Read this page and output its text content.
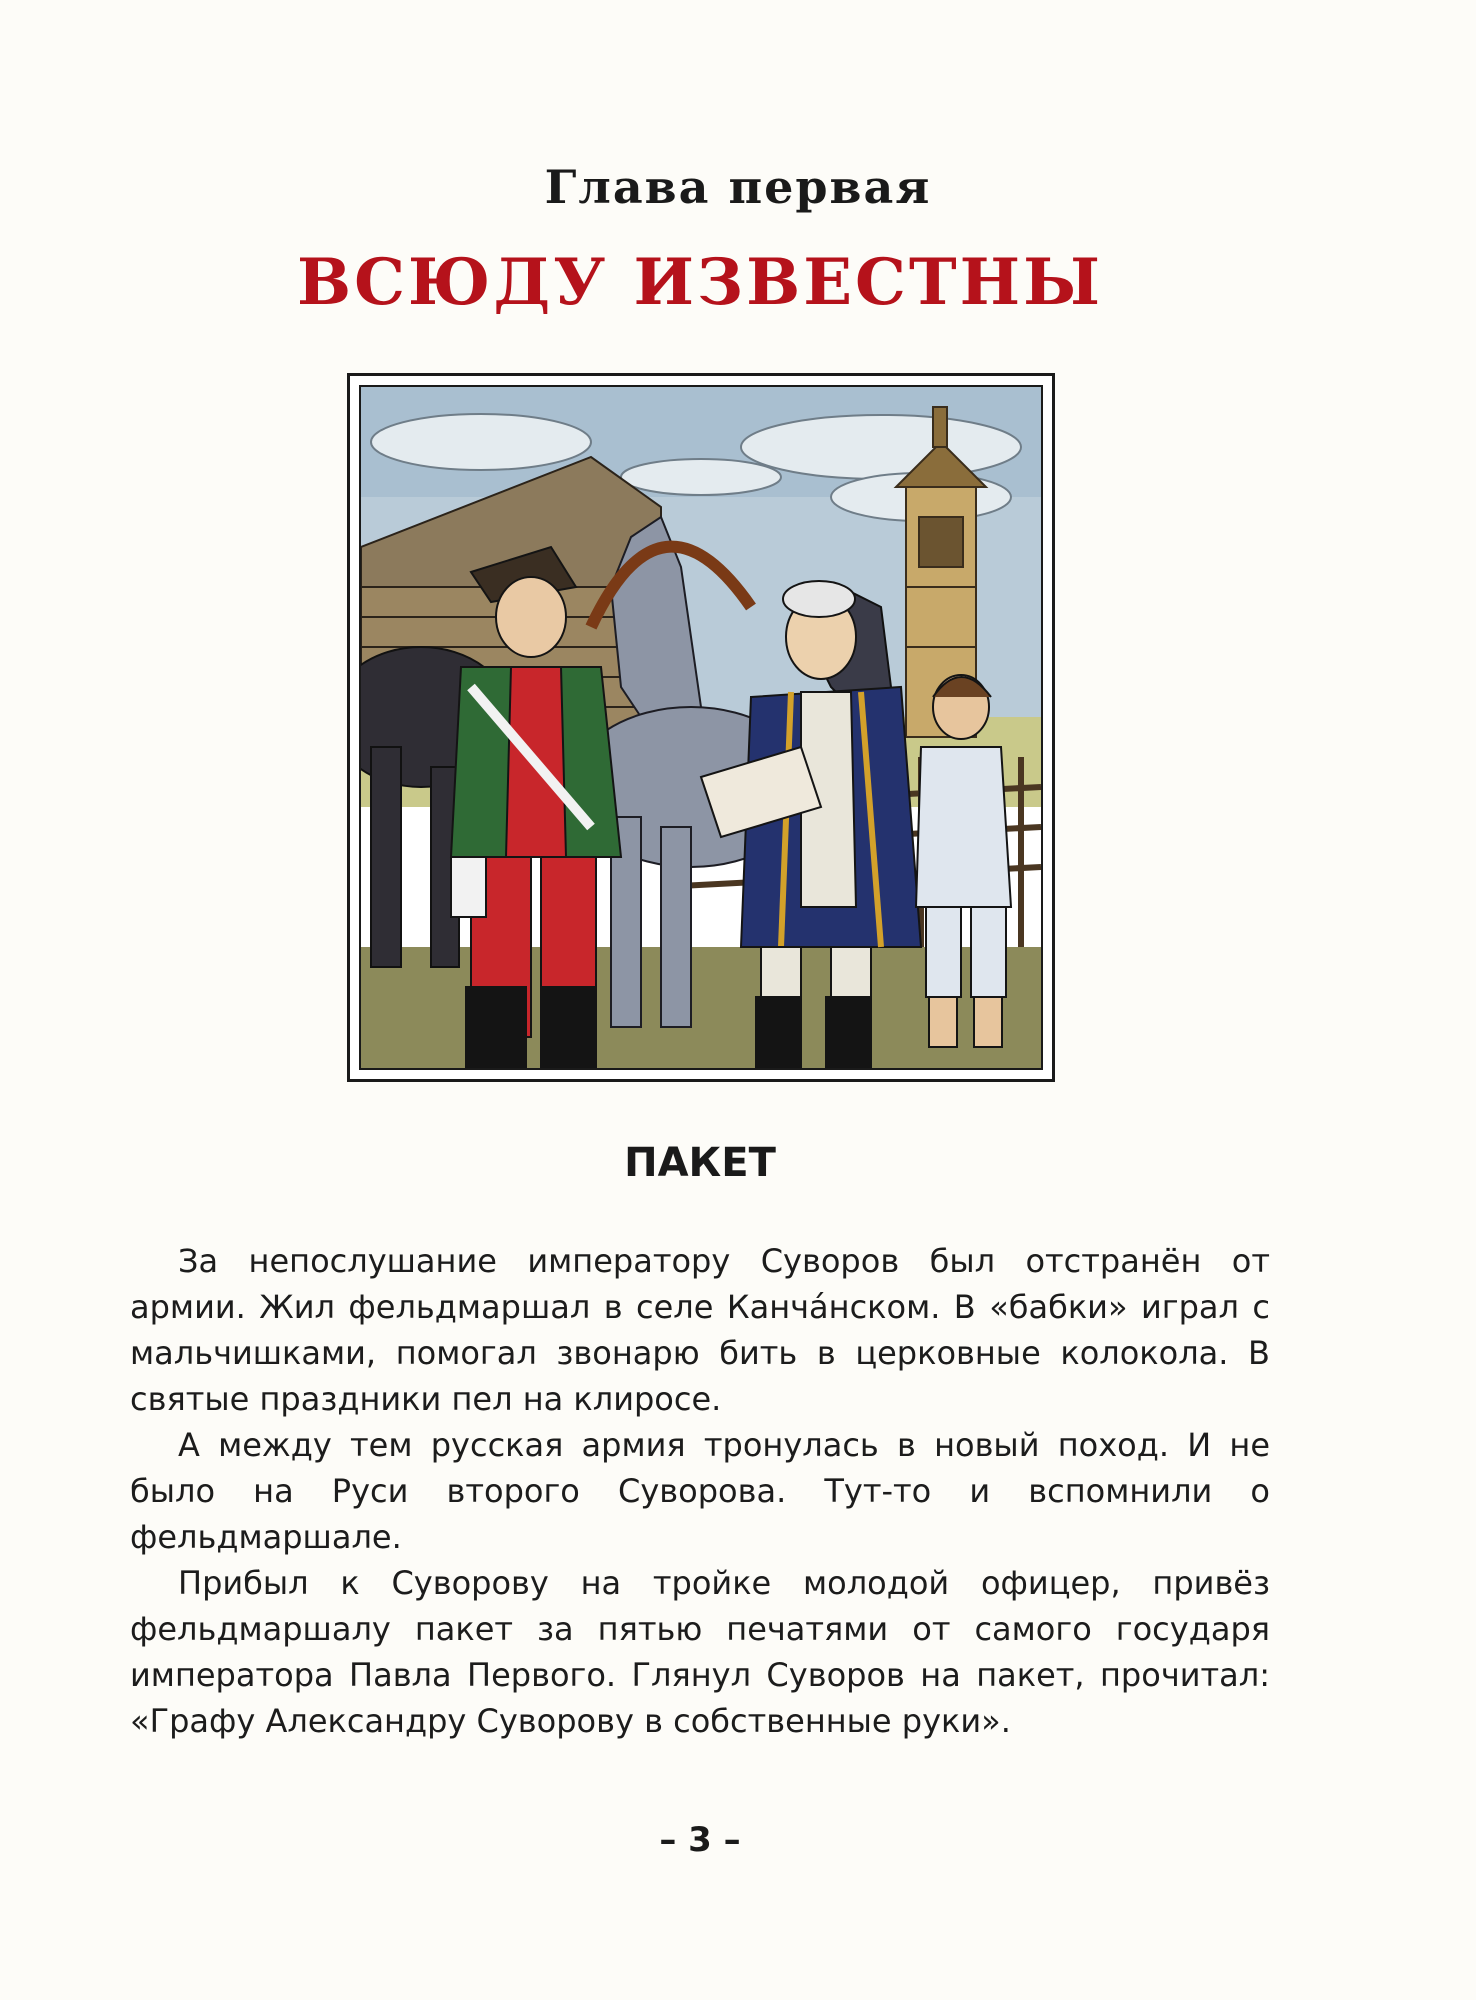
Глава первая
ВСЮДУ ИЗВЕСТНЫ
ПАКЕТ

За непослушание императору Суворов был отстранён от армии. Жил фельдмаршал в селе Канча́нском. В «бабки» играл с мальчишками, помогал звонарю бить в церковные колокола. В святые праздники пел на клиросе.

А между тем русская армия тронулась в новый поход. И не было на Руси второго Суворова. Тут-то и вспомнили о фельдмаршале.

Прибыл к Суворову на тройке молодой офицер, привёз фельдмаршалу пакет за пятью печатями от самого государя императора Павла Первого. Глянул Суворов на пакет, прочитал: «Графу Александру Суворову в собственные руки».

– 3 –
